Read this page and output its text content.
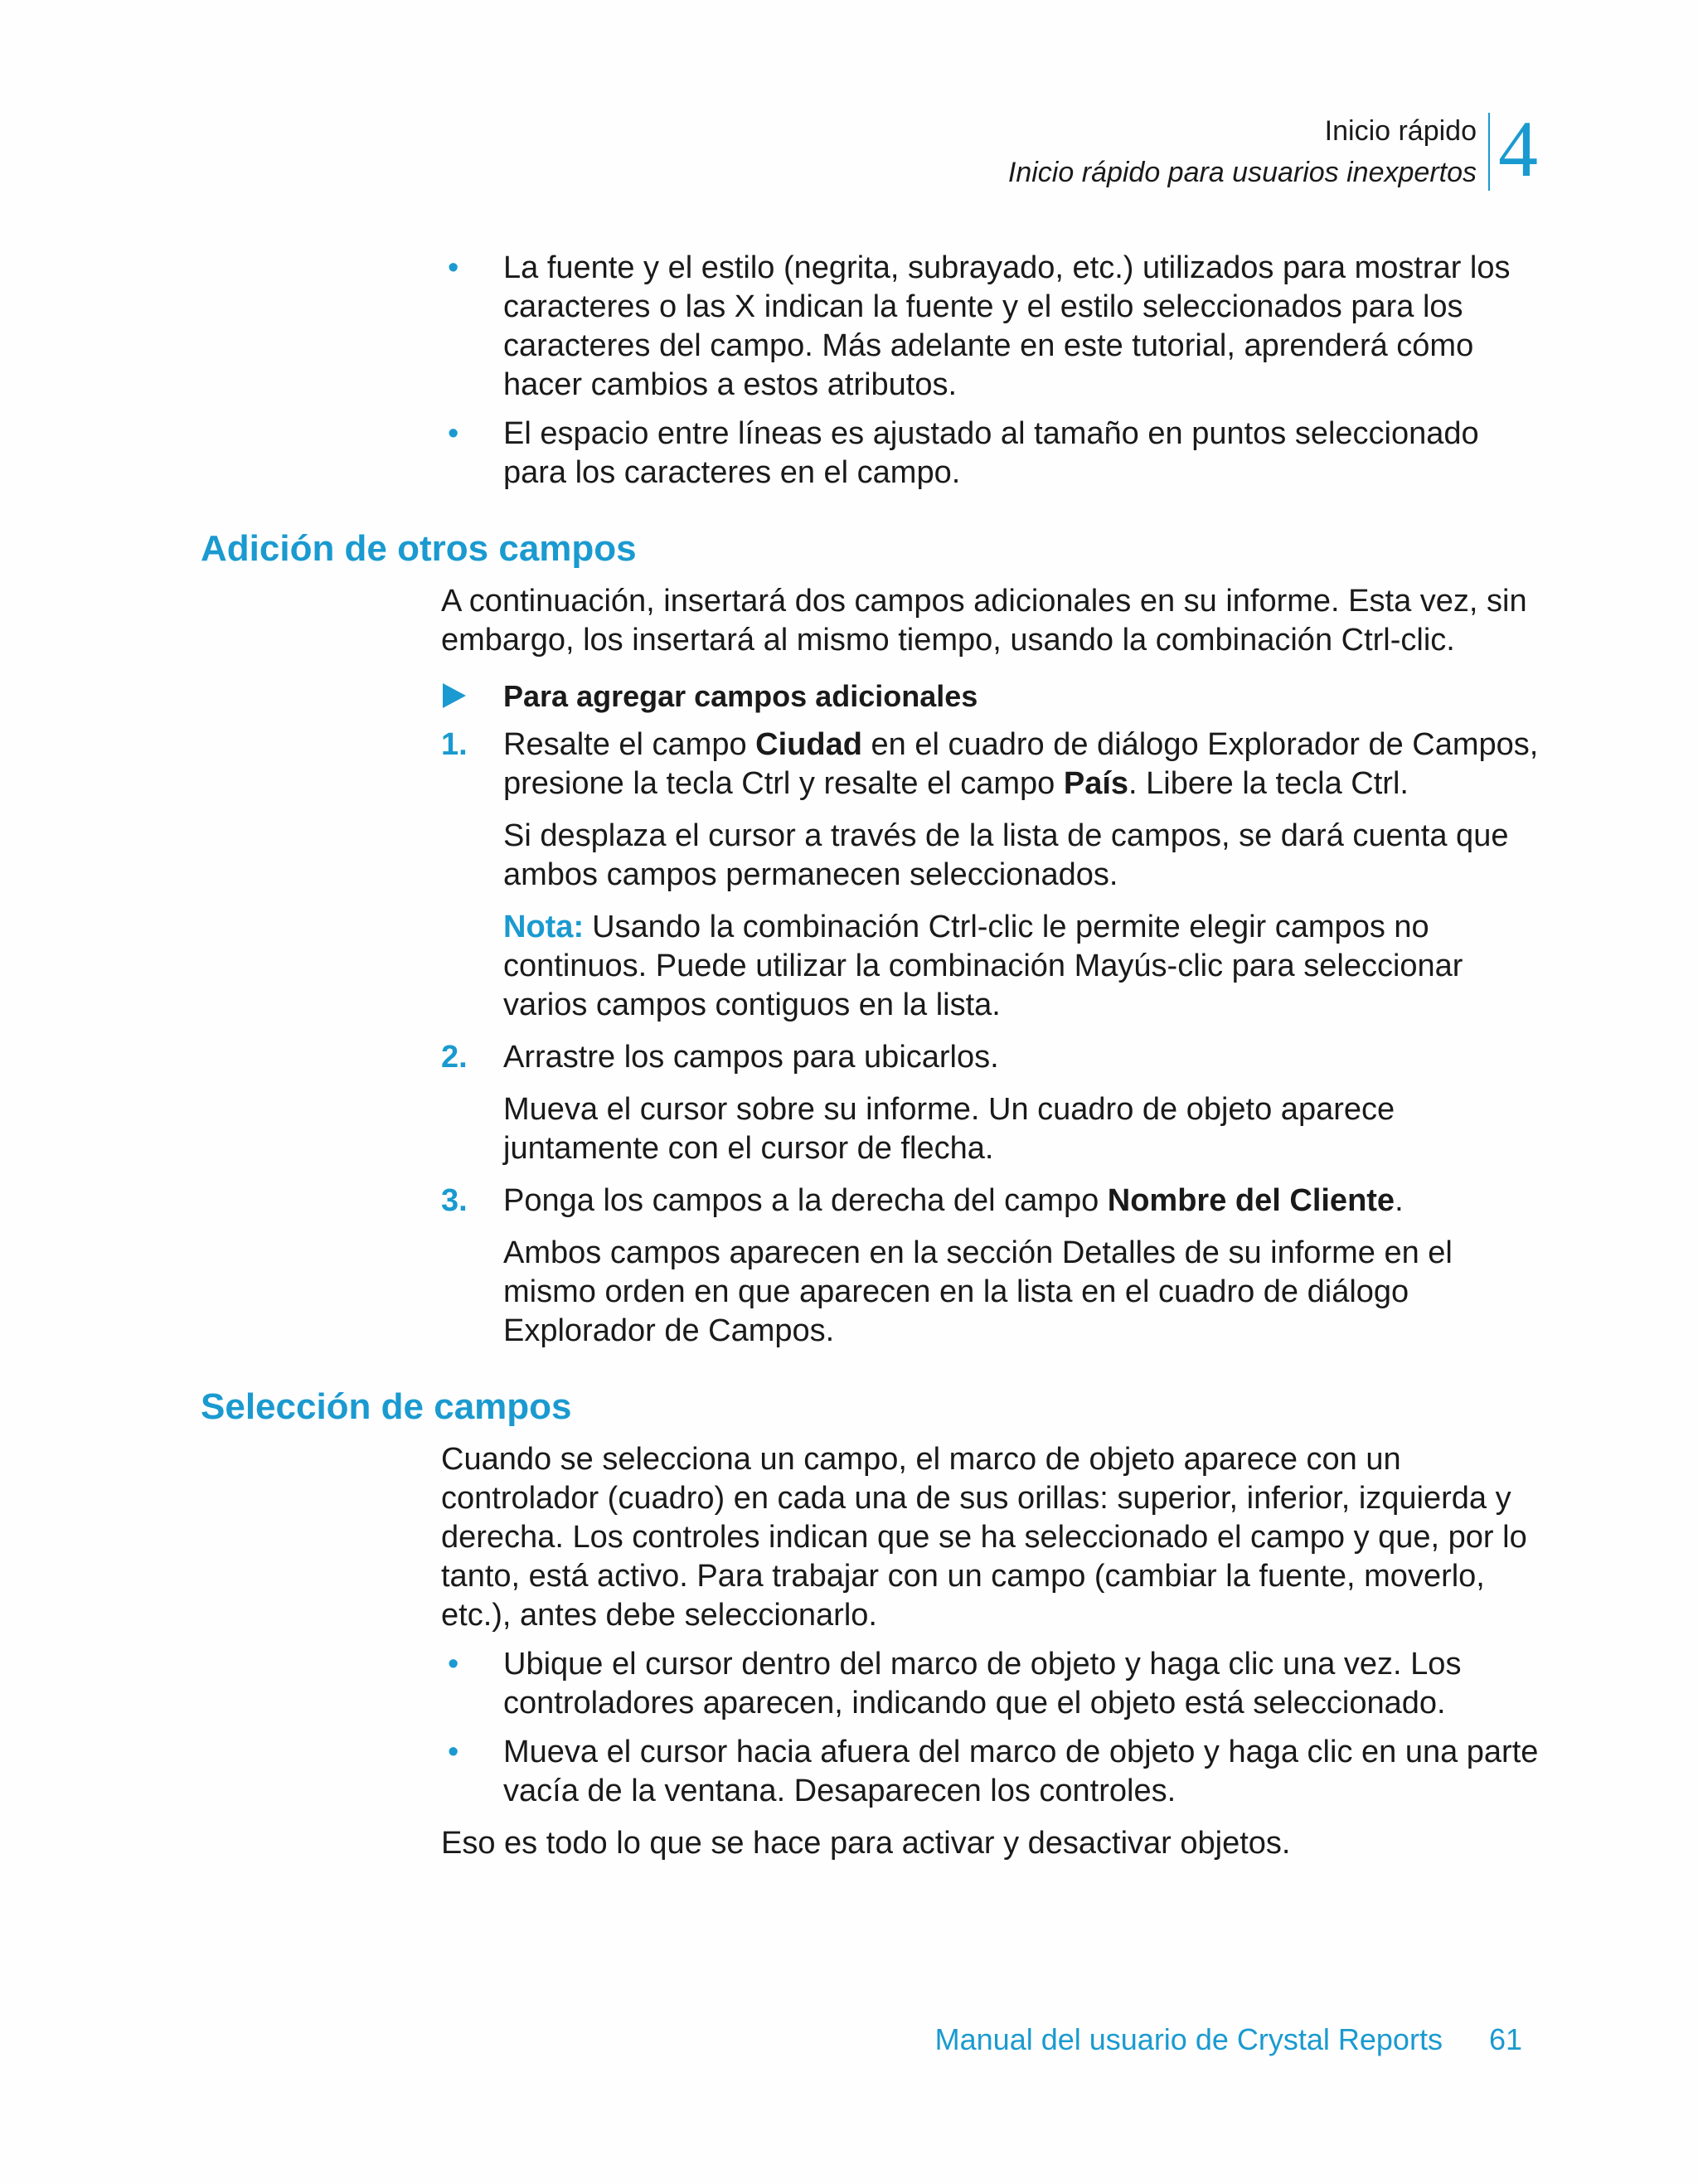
Inicio rápido
Inicio rápido para usuarios inexpertos 4
• La fuente y el estilo (negrita, subrayado, etc.) utilizados para mostrar los caracteres o las X indican la fuente y el estilo seleccionados para los caracteres del campo. Más adelante en este tutorial, aprenderá cómo hacer cambios a estos atributos.
• El espacio entre líneas es ajustado al tamaño en puntos seleccionado para los caracteres en el campo.
Adición de otros campos

A continuación, insertará dos campos adicionales en su informe. Esta vez, sin embargo, los insertará al mismo tiempo, usando la combinación Ctrl-clic.

Para agregar campos adicionales
1. Resalte el campo Ciudad en el cuadro de diálogo Explorador de Campos, presione la tecla Ctrl y resalte el campo País. Libere la tecla Ctrl.

Si desplaza el cursor a través de la lista de campos, se dará cuenta que ambos campos permanecen seleccionados.

Nota: Usando la combinación Ctrl-clic le permite elegir campos no continuos. Puede utilizar la combinación Mayús-clic para seleccionar varios campos contiguos en la lista.

2. Arrastre los campos para ubicarlos.

Mueva el cursor sobre su informe. Un cuadro de objeto aparece juntamente con el cursor de flecha.

3. Ponga los campos a la derecha del campo Nombre del Cliente.

Ambos campos aparecen en la sección Detalles de su informe en el mismo orden en que aparecen en la lista en el cuadro de diálogo Explorador de Campos.

Selección de campos

Cuando se selecciona un campo, el marco de objeto aparece con un controlador (cuadro) en cada una de sus orillas: superior, inferior, izquierda y derecha. Los controles indican que se ha seleccionado el campo y que, por lo tanto, está activo. Para trabajar con un campo (cambiar la fuente, moverlo, etc.), antes debe seleccionarlo.

• Ubique el cursor dentro del marco de objeto y haga clic una vez. Los controladores aparecen, indicando que el objeto está seleccionado.
• Mueva el cursor hacia afuera del marco de objeto y haga clic en una parte vacía de la ventana. Desaparecen los controles.

Eso es todo lo que se hace para activar y desactivar objetos.

Manual del usuario de Crystal Reports 61
